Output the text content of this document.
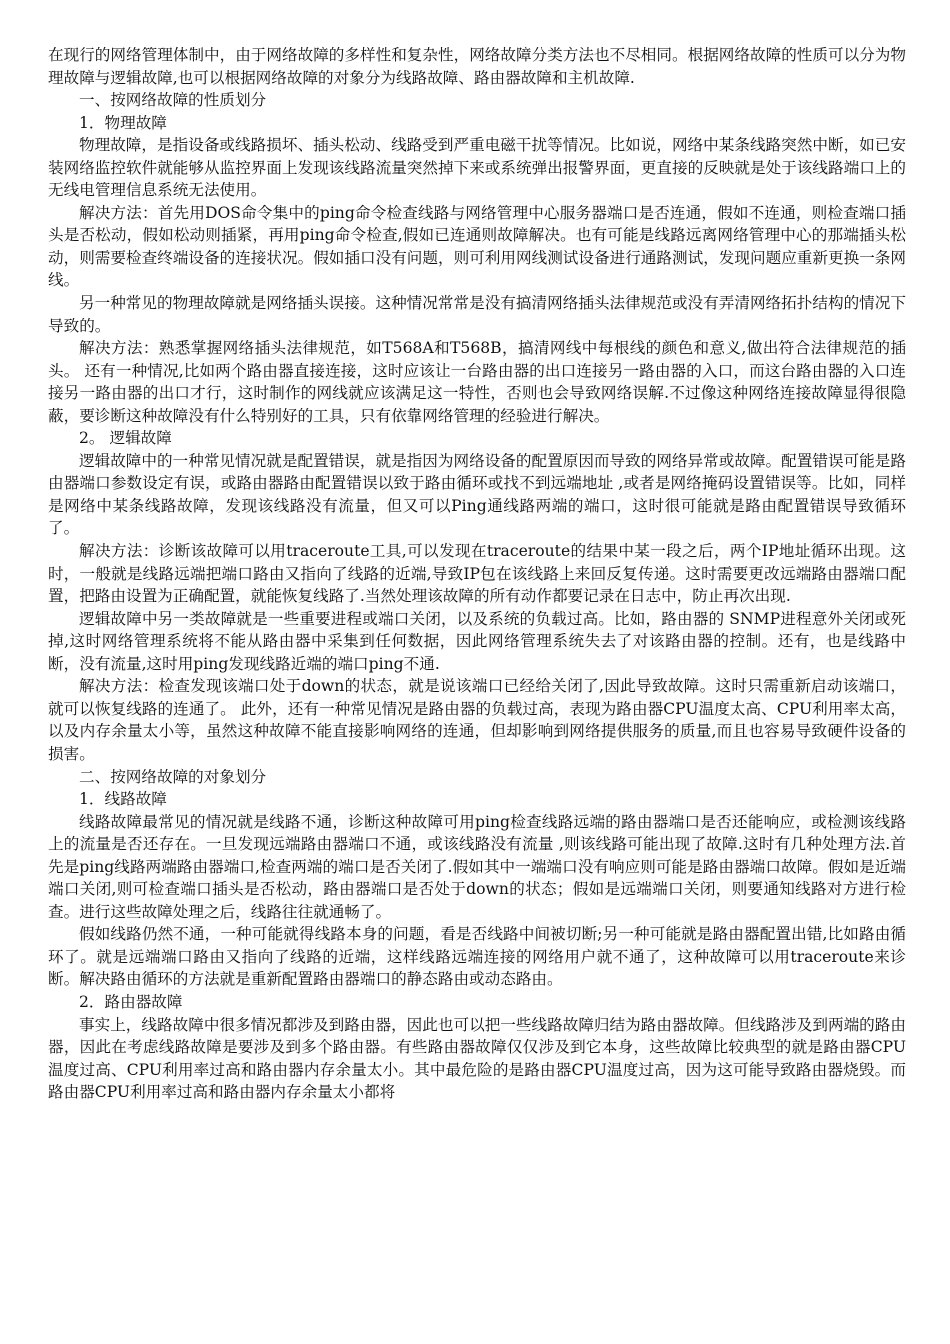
在现行的网络管理体制中，由于网络故障的多样性和复杂性，网络故障分类方法也不尽相同。根据网络故障的性质可以分为物理故障与逻辑故障,也可以根据网络故障的对象分为线路故障、路由器故障和主机故障.

一、按网络故障的性质划分

1．物理故障

物理故障，是指设备或线路损坏、插头松动、线路受到严重电磁干扰等情况。比如说，网络中某条线路突然中断，如已安装网络监控软件就能够从监控界面上发现该线路流量突然掉下来或系统弹出报警界面，更直接的反映就是处于该线路端口上的无线电管理信息系统无法使用。

解决方法：首先用DOS命令集中的ping命令检查线路与网络管理中心服务器端口是否连通，假如不连通，则检查端口插头是否松动，假如松动则插紧，再用ping命令检查,假如已连通则故障解决。也有可能是线路远离网络管理中心的那端插头松动，则需要检查终端设备的连接状况。假如插口没有问题，则可利用网线测试设备进行通路测试，发现问题应重新更换一条网线。

另一种常见的物理故障就是网络插头误接。这种情况常常是没有搞清网络插头法律规范或没有弄清网络拓扑结构的情况下导致的。

解决方法：熟悉掌握网络插头法律规范，如T568A和T568B，搞清网线中每根线的颜色和意义,做出符合法律规范的插头。 还有一种情况,比如两个路由器直接连接，这时应该让一台路由器的出口连接另一路由器的入口，而这台路由器的入口连接另一路由器的出口才行，这时制作的网线就应该满足这一特性，否则也会导致网络误解.不过像这种网络连接故障显得很隐蔽，要诊断这种故障没有什么特别好的工具，只有依靠网络管理的经验进行解决。

2。 逻辑故障

逻辑故障中的一种常见情况就是配置错误，就是指因为网络设备的配置原因而导致的网络异常或故障。配置错误可能是路由器端口参数设定有误，或路由器路由配置错误以致于路由循环或找不到远端地址 ,或者是网络掩码设置错误等。比如，同样是网络中某条线路故障，发现该线路没有流量，但又可以Ping通线路两端的端口，这时很可能就是路由配置错误导致循环了。

解决方法：诊断该故障可以用traceroute工具,可以发现在traceroute的结果中某一段之后，两个IP地址循环出现。这时，一般就是线路远端把端口路由又指向了线路的近端,导致IP包在该线路上来回反复传递。这时需要更改远端路由器端口配置，把路由设置为正确配置，就能恢复线路了.当然处理该故障的所有动作都要记录在日志中，防止再次出现.

逻辑故障中另一类故障就是一些重要进程或端口关闭，以及系统的负载过高。比如，路由器的 SNMP进程意外关闭或死掉,这时网络管理系统将不能从路由器中采集到任何数据，因此网络管理系统失去了对该路由器的控制。还有，也是线路中断，没有流量,这时用ping发现线路近端的端口ping不通.

解决方法：检查发现该端口处于down的状态，就是说该端口已经给关闭了,因此导致故障。这时只需重新启动该端口，就可以恢复线路的连通了。 此外，还有一种常见情况是路由器的负载过高，表现为路由器CPU温度太高、CPU利用率太高，以及内存余量太小等，虽然这种故障不能直接影响网络的连通，但却影响到网络提供服务的质量,而且也容易导致硬件设备的损害。

二、按网络故障的对象划分

1．线路故障

线路故障最常见的情况就是线路不通，诊断这种故障可用ping检查线路远端的路由器端口是否还能响应，或检测该线路上的流量是否还存在。一旦发现远端路由器端口不通，或该线路没有流量 ,则该线路可能出现了故障.这时有几种处理方法.首先是ping线路两端路由器端口,检查两端的端口是否关闭了.假如其中一端端口没有响应则可能是路由器端口故障。假如是近端端口关闭,则可检查端口插头是否松动，路由器端口是否处于down的状态；假如是远端端口关闭，则要通知线路对方进行检查。进行这些故障处理之后，线路往往就通畅了。

假如线路仍然不通，一种可能就得线路本身的问题，看是否线路中间被切断;另一种可能就是路由器配置出错,比如路由循环了。就是远端端口路由又指向了线路的近端，这样线路远端连接的网络用户就不通了，这种故障可以用traceroute来诊断。解决路由循环的方法就是重新配置路由器端口的静态路由或动态路由。

2．路由器故障

事实上，线路故障中很多情况都涉及到路由器，因此也可以把一些线路故障归结为路由器故障。但线路涉及到两端的路由器，因此在考虑线路故障是要涉及到多个路由器。有些路由器故障仅仅涉及到它本身，这些故障比较典型的就是路由器CPU温度过高、CPU利用率过高和路由器内存余量太小。其中最危险的是路由器CPU温度过高，因为这可能导致路由器烧毁。而路由器CPU利用率过高和路由器内存余量太小都将
